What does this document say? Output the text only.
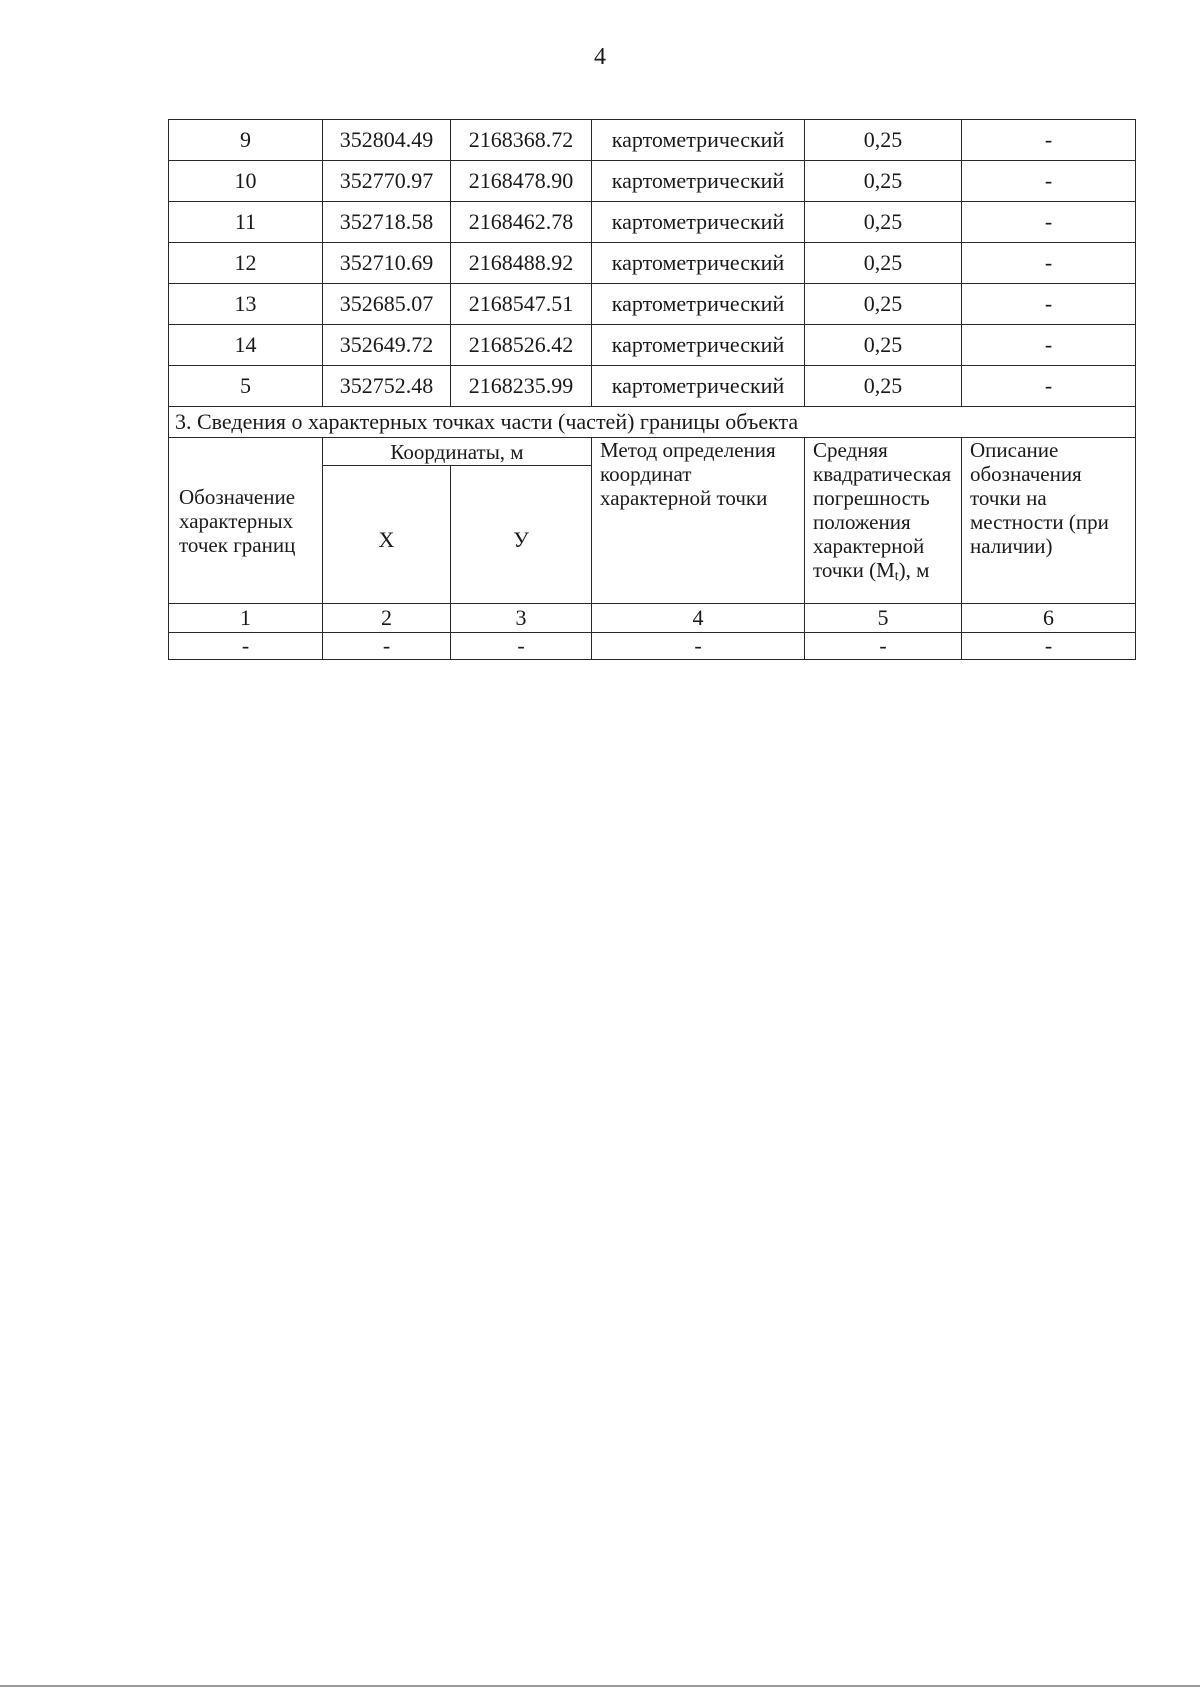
4
9	352804.49	2168368.72	картометрический	0,25	-
10	352770.97	2168478.90	картометрический	0,25	-
11	352718.58	2168462.78	картометрический	0,25	-
12	352710.69	2168488.92	картометрический	0,25	-
13	352685.07	2168547.51	картометрический	0,25	-
14	352649.72	2168526.42	картометрический	0,25	-
5	352752.48	2168235.99	картометрический	0,25	-
3. Сведения о характерных точках части (частей) границы объекта					
Обозначение характерных точек границ	Координаты, м		Метод определения координат характерной точки	Средняя квадратическая погрешность положения характерной точки $(M_t)$, м	Описание обозначения точки на местности (при наличии)
	X	У			
1	2	3	4	5	6
-	-	-	-	-	-
